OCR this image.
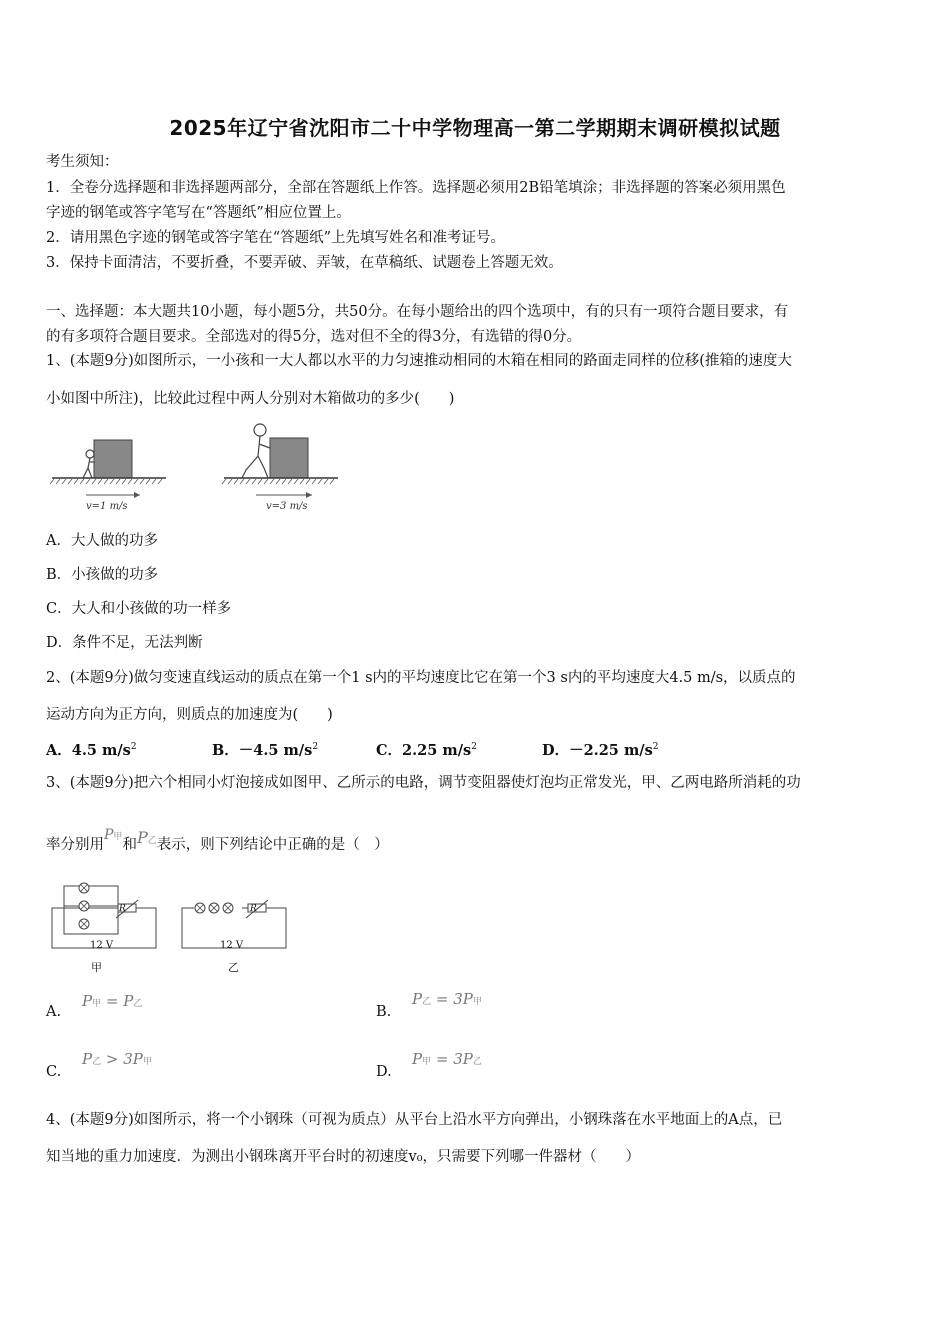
2025年辽宁省沈阳市二十中学物理高一第二学期期末调研模拟试题
考生须知：
1．全卷分选择题和非选择题两部分，全部在答题纸上作答。选择题必须用2B铅笔填涂；非选择题的答案必须用黑色
字迹的钢笔或答字笔写在“答题纸”相应位置上。
2．请用黑色字迹的钢笔或答字笔在“答题纸”上先填写姓名和准考证号。
3．保持卡面清洁，不要折叠，不要弄破、弄皱，在草稿纸、试题卷上答题无效。
一、选择题：本大题共10小题，每小题5分，共50分。在每小题给出的四个选项中，有的只有一项符合题目要求，有
的有多项符合题目要求。全部选对的得5分，选对但不全的得3分，有选错的得0分。
1、(本题9分)如图所示，一小孩和一大人都以水平的力匀速推动相同的木箱在相同的路面走同样的位移(推箱的速度大
小如图中所注)，比较此过程中两人分别对木箱做功的多少(　　)
v=1 m/s	v=3 m/s
A．大人做的功多
B．小孩做的功多
C．大人和小孩做的功一样多
D．条件不足，无法判断
2、(本题9分)做匀变速直线运动的质点在第一个1 s内的平均速度比它在第一个3 s内的平均速度大4.5 m/s，以质点的
运动方向为正方向，则质点的加速度为(　　)
A．4.5 $m/s^2$	B．－4.5 $m/s^2$	C．2.25 $m/s^2$	D．－2.25 $m/s^2$
3、(本题9分)把六个相同小灯泡接成如图甲、乙所示的电路，调节变阻器使灯泡均正常发光，甲、乙两电路所消耗的功
率分别用P甲和P乙表示，则下列结论中正确的是（　）
R	R
12 V	12 V
甲	乙
A.
P甲 = P乙	B.
P乙 = 3P甲
C.
P乙 > 3P甲
D.
P甲 = 3P乙
4、(本题9分)如图所示，将一个小钢珠（可视为质点）从平台上沿水平方向弹出，小钢珠落在水平地面上的A点，已
知当地的重力加速度．为测出小钢珠离开平台时的初速度v₀，只需要下列哪一件器材（　　）
